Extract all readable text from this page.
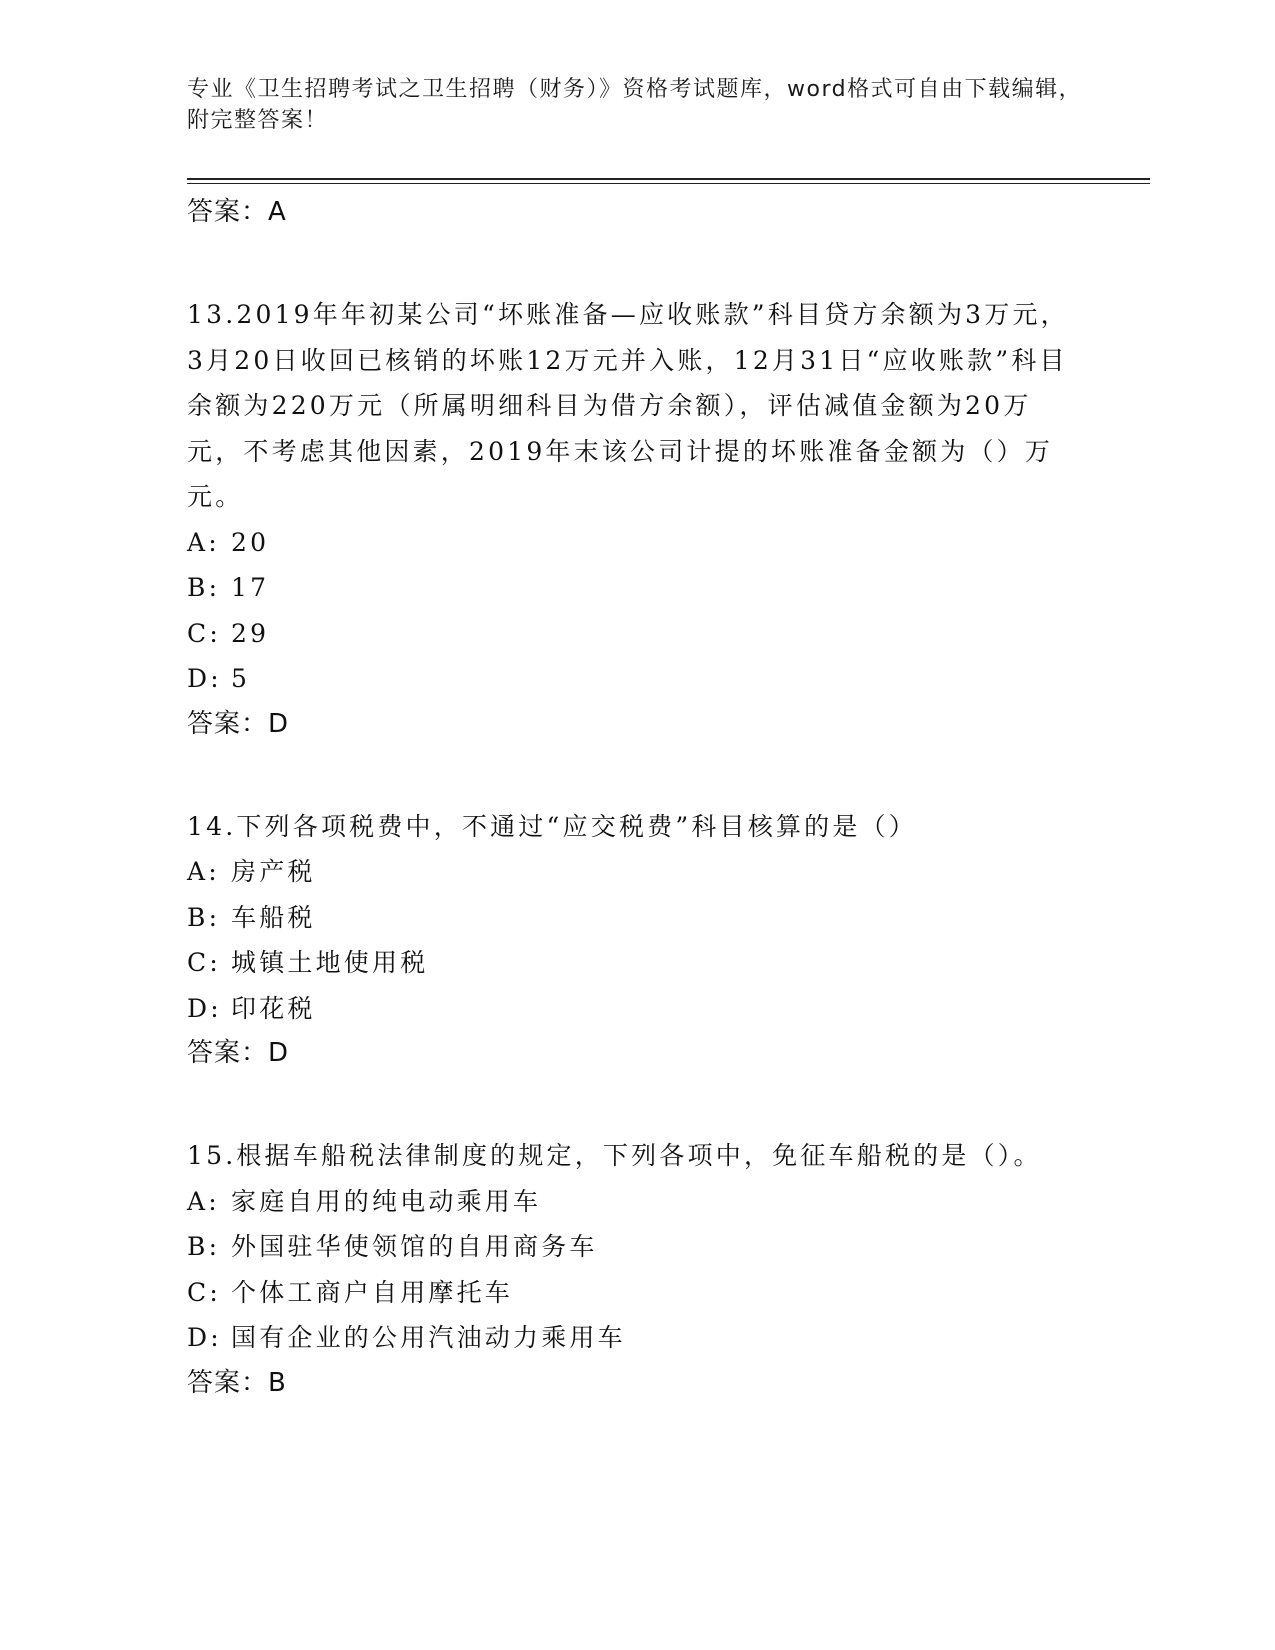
专业《卫生招聘考试之卫生招聘（财务）》资格考试题库，word格式可自由下载编辑，附完整答案！
答案：A

13.2019年年初某公司“坏账准备—应收账款”科目贷方余额为3万元，3月20日收回已核销的坏账12万元并入账，12月31日“应收账款”科目余额为220万元（所属明细科目为借方余额），评估减值金额为20万元，不考虑其他因素，2019年末该公司计提的坏账准备金额为（）万元。

A: 20
B: 17
C: 29
D: 5
答案：D

14.下列各项税费中，不通过“应交税费”科目核算的是（）

A: 房产税
B: 车船税
C: 城镇土地使用税
D: 印花税
答案：D

15.根据车船税法律制度的规定，下列各项中，免征车船税的是（）。

A: 家庭自用的纯电动乘用车
B: 外国驻华使领馆的自用商务车
C: 个体工商户自用摩托车
D: 国有企业的公用汽油动力乘用车
答案：B
